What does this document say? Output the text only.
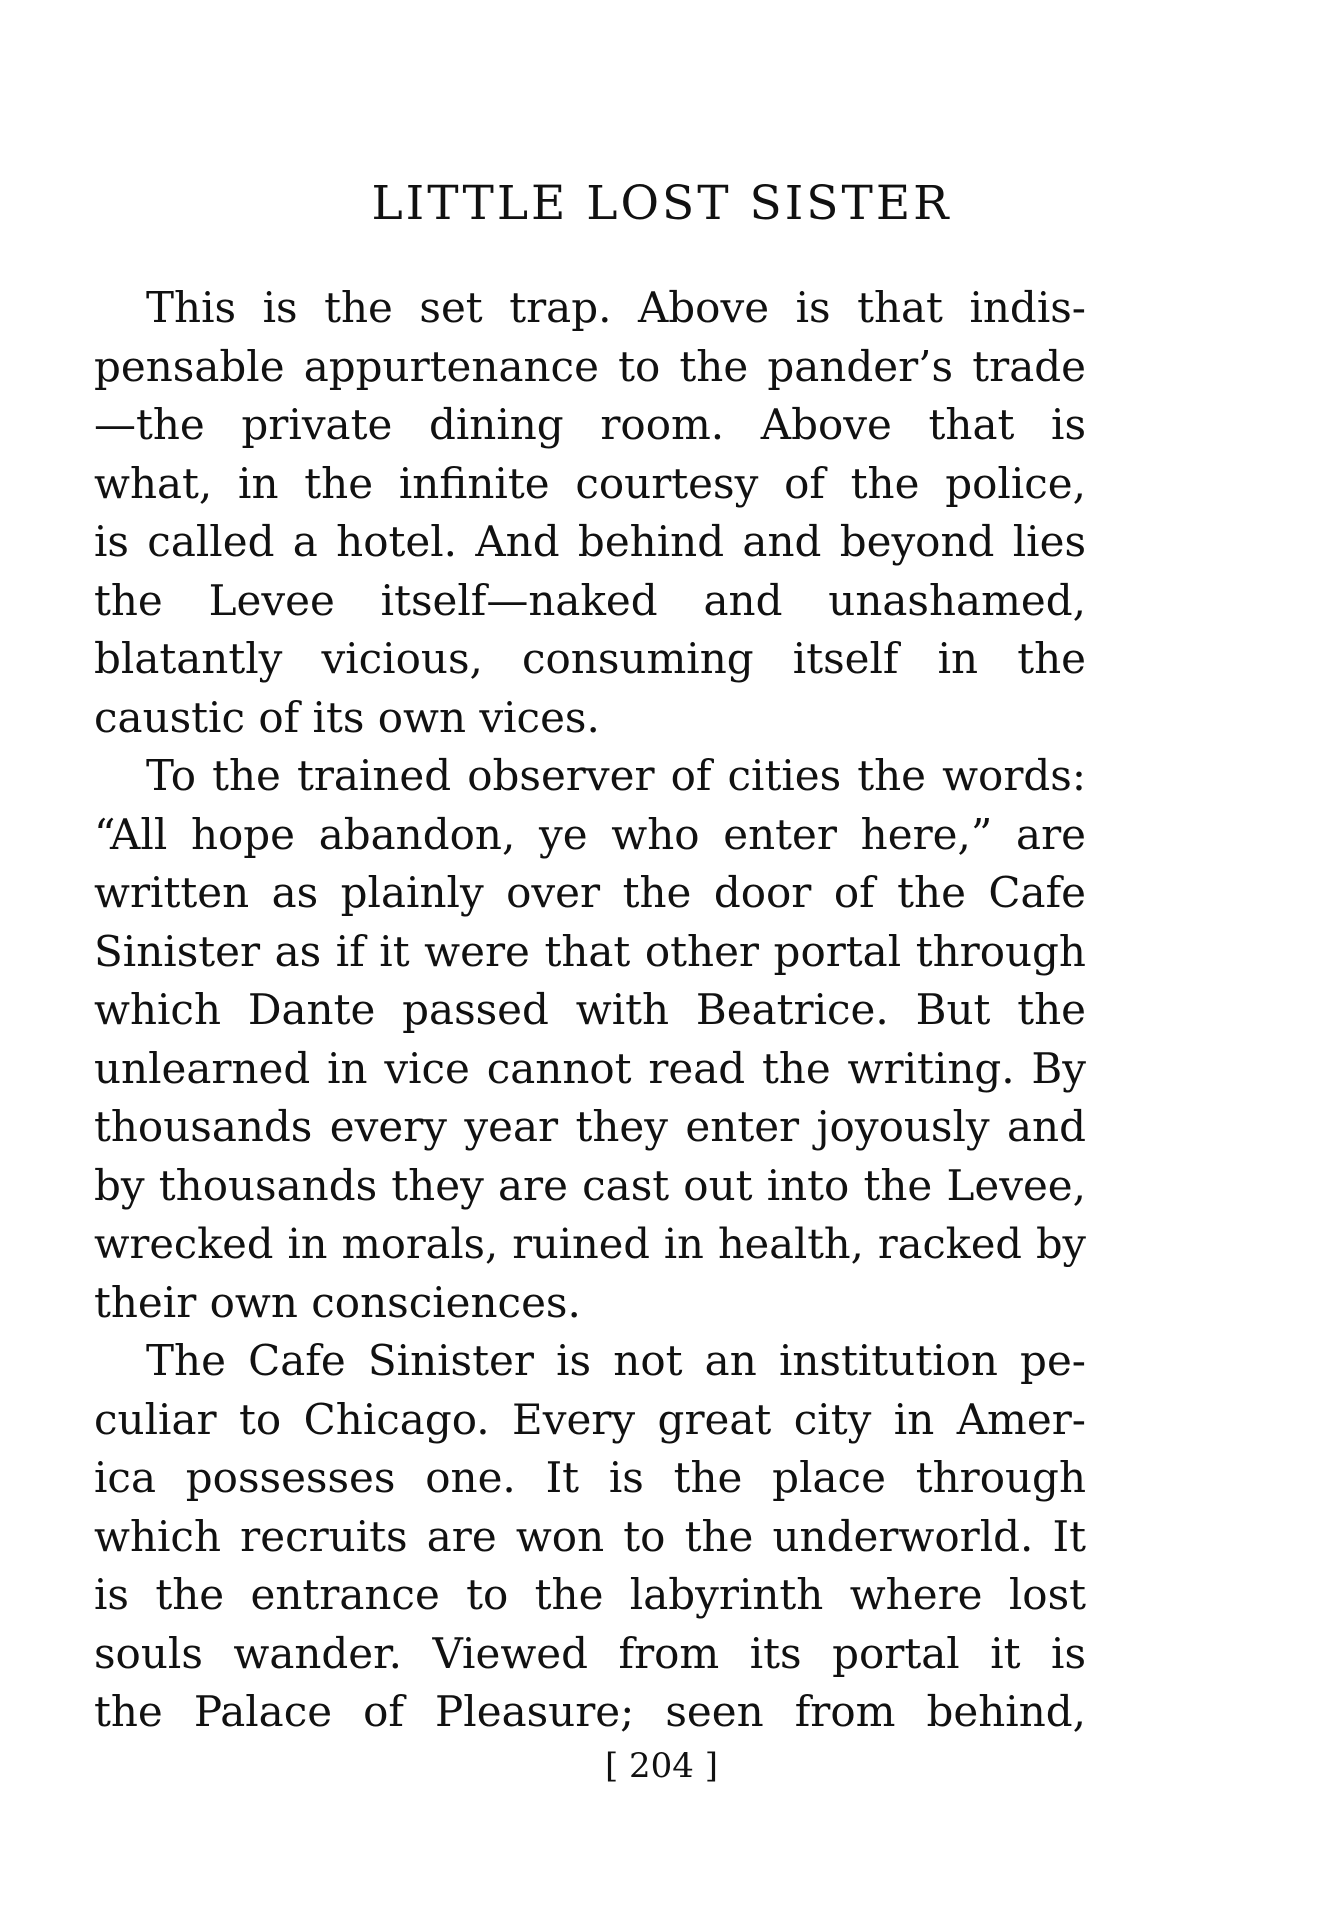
LITTLE LOST SISTER
This is the set trap. Above is that indis-
pensable appurtenance to the pander’s trade
—the private dining room. Above that is
what, in the infinite courtesy of the police,
is called a hotel. And behind and beyond lies
the Levee itself—naked and unashamed,
blatantly vicious, consuming itself in the
caustic of its own vices.
To the trained observer of cities the words:
“All hope abandon, ye who enter here,” are
written as plainly over the door of the Cafe
Sinister as if it were that other portal through
which Dante passed with Beatrice. But the
unlearned in vice cannot read the writing. By
thousands every year they enter joyously and
by thousands they are cast out into the Levee,
wrecked in morals, ruined in health, racked by
their own consciences.
The Cafe Sinister is not an institution pe-
culiar to Chicago. Every great city in Amer-
ica possesses one. It is the place through
which recruits are won to the underworld. It
is the entrance to the labyrinth where lost
souls wander. Viewed from its portal it is
the Palace of Pleasure; seen from behind,
[ 204 ]
